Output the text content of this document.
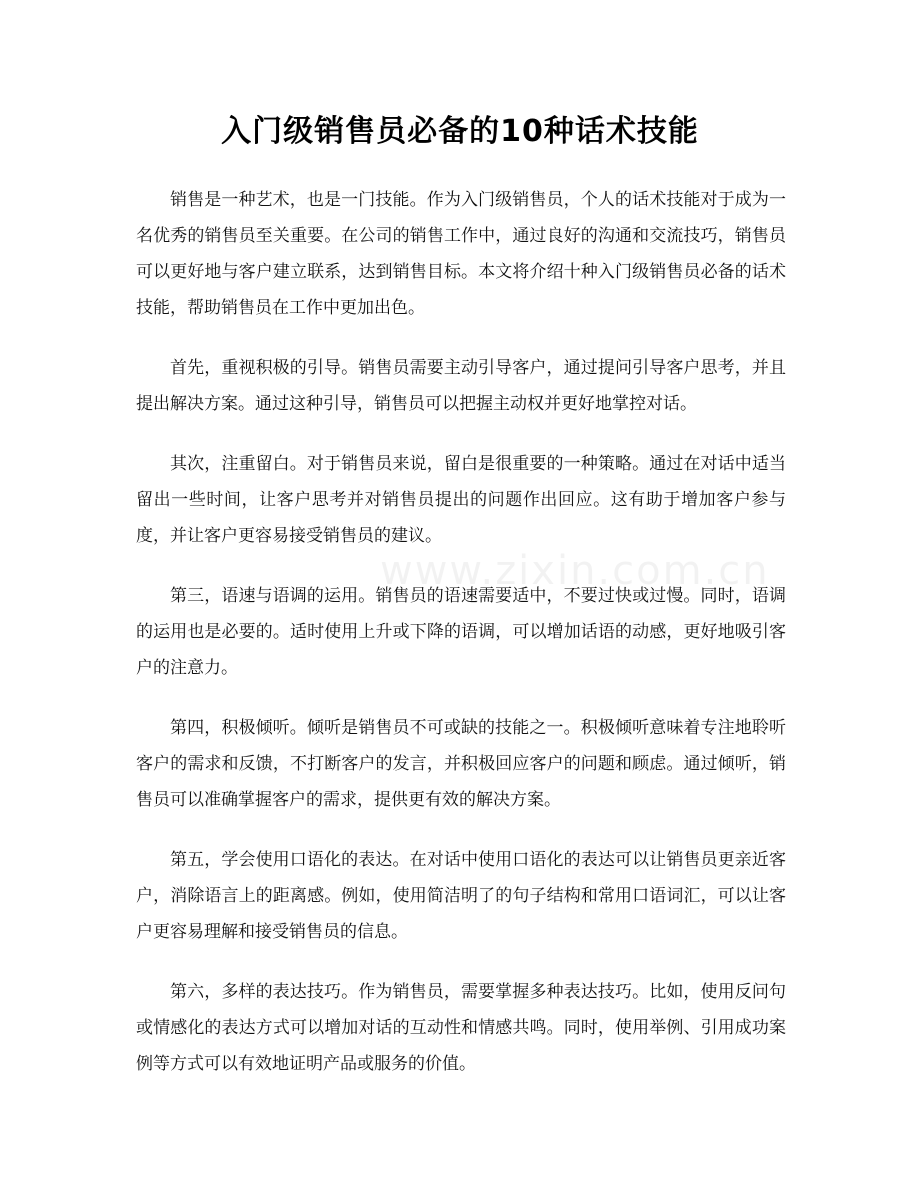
入门级销售员必备的10种话术技能
www.zixin.com.cn

销售是一种艺术，也是一门技能。作为入门级销售员，个人的话术技能对于成为一名优秀的销售员至关重要。在公司的销售工作中，通过良好的沟通和交流技巧，销售员可以更好地与客户建立联系，达到销售目标。本文将介绍十种入门级销售员必备的话术技能，帮助销售员在工作中更加出色。

首先，重视积极的引导。销售员需要主动引导客户，通过提问引导客户思考，并且提出解决方案。通过这种引导，销售员可以把握主动权并更好地掌控对话。

其次，注重留白。对于销售员来说，留白是很重要的一种策略。通过在对话中适当留出一些时间，让客户思考并对销售员提出的问题作出回应。这有助于增加客户参与度，并让客户更容易接受销售员的建议。

第三，语速与语调的运用。销售员的语速需要适中，不要过快或过慢。同时，语调的运用也是必要的。适时使用上升或下降的语调，可以增加话语的动感，更好地吸引客户的注意力。

第四，积极倾听。倾听是销售员不可或缺的技能之一。积极倾听意味着专注地聆听客户的需求和反馈，不打断客户的发言，并积极回应客户的问题和顾虑。通过倾听，销售员可以准确掌握客户的需求，提供更有效的解决方案。

第五，学会使用口语化的表达。在对话中使用口语化的表达可以让销售员更亲近客户，消除语言上的距离感。例如，使用简洁明了的句子结构和常用口语词汇，可以让客户更容易理解和接受销售员的信息。

第六，多样的表达技巧。作为销售员，需要掌握多种表达技巧。比如，使用反问句或情感化的表达方式可以增加对话的互动性和情感共鸣。同时，使用举例、引用成功案例等方式可以有效地证明产品或服务的价值。
